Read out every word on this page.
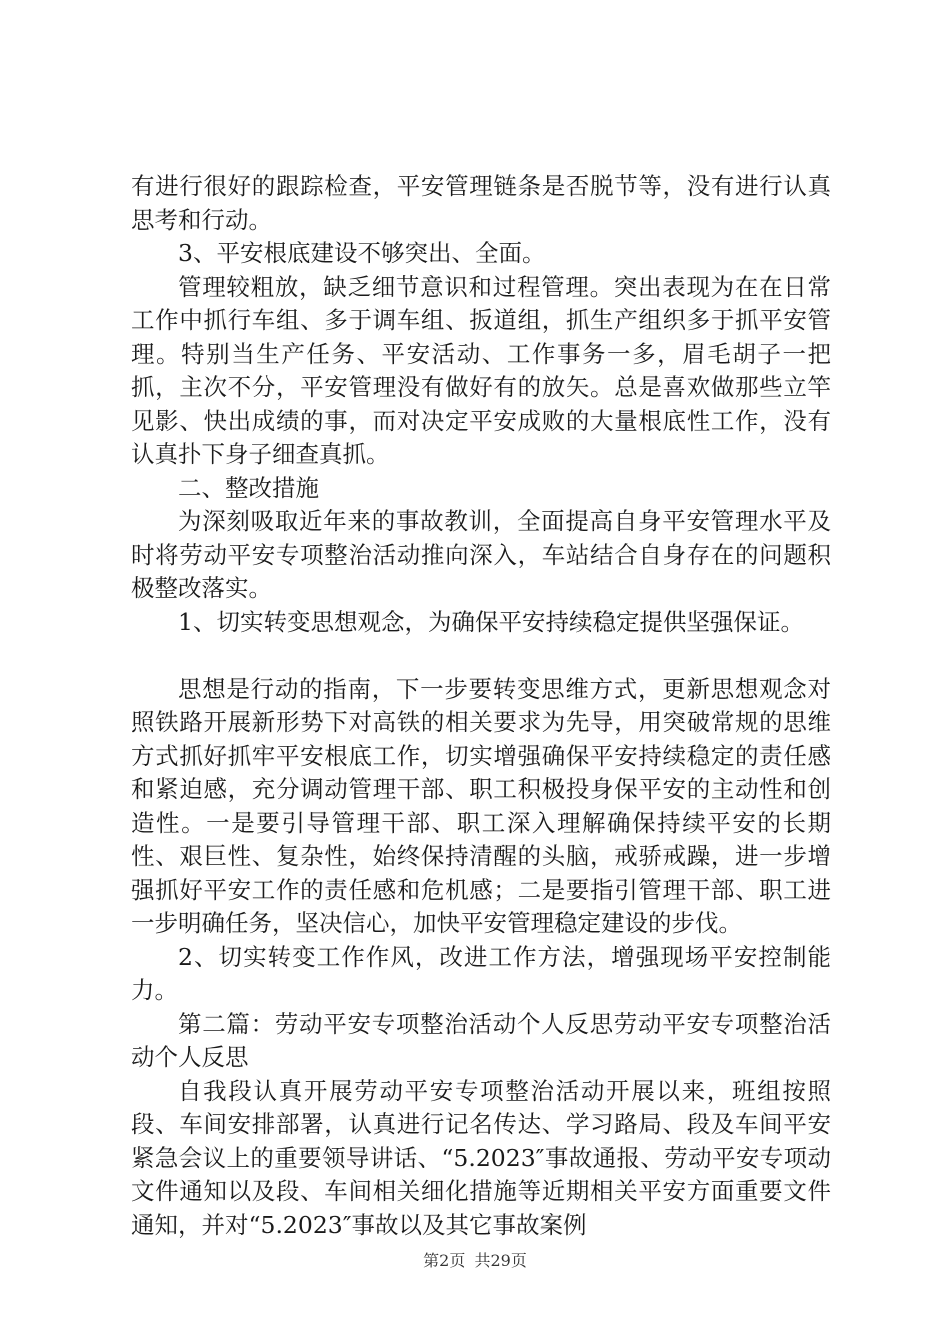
有进行很好的跟踪检查，平安管理链条是否脱节等，没有进行认真思考和行动。

3、平安根底建设不够突出、全面。

管理较粗放，缺乏细节意识和过程管理。突出表现为在在日常工作中抓行车组、多于调车组、扳道组，抓生产组织多于抓平安管理。特别当生产任务、平安活动、工作事务一多，眉毛胡子一把抓，主次不分，平安管理没有做好有的放矢。总是喜欢做那些立竿见影、快出成绩的事，而对决定平安成败的大量根底性工作，没有认真扑下身子细查真抓。

二、整改措施

为深刻吸取近年来的事故教训，全面提高自身平安管理水平及时将劳动平安专项整治活动推向深入，车站结合自身存在的问题积极整改落实。

1、切实转变思想观念，为确保平安持续稳定提供坚强保证。

思想是行动的指南，下一步要转变思维方式，更新思想观念对照铁路开展新形势下对高铁的相关要求为先导，用突破常规的思维方式抓好抓牢平安根底工作，切实增强确保平安持续稳定的责任感和紧迫感，充分调动管理干部、职工积极投身保平安的主动性和创造性。一是要引导管理干部、职工深入理解确保持续平安的长期性、艰巨性、复杂性，始终保持清醒的头脑，戒骄戒躁，进一步增强抓好平安工作的责任感和危机感；二是要指引管理干部、职工进一步明确任务，坚决信心，加快平安管理稳定建设的步伐。

2、切实转变工作作风，改进工作方法，增强现场平安控制能力。

第二篇：劳动平安专项整治活动个人反思劳动平安专项整治活动个人反思

自我段认真开展劳动平安专项整治活动开展以来，班组按照段、车间安排部署，认真进行记名传达、学习路局、段及车间平安紧急会议上的重要领导讲话、“5.2023″事故通报、劳动平安专项动文件通知以及段、车间相关细化措施等近期相关平安方面重要文件通知，并对“5.2023″事故以及其它事故案例

第2页 共29页
